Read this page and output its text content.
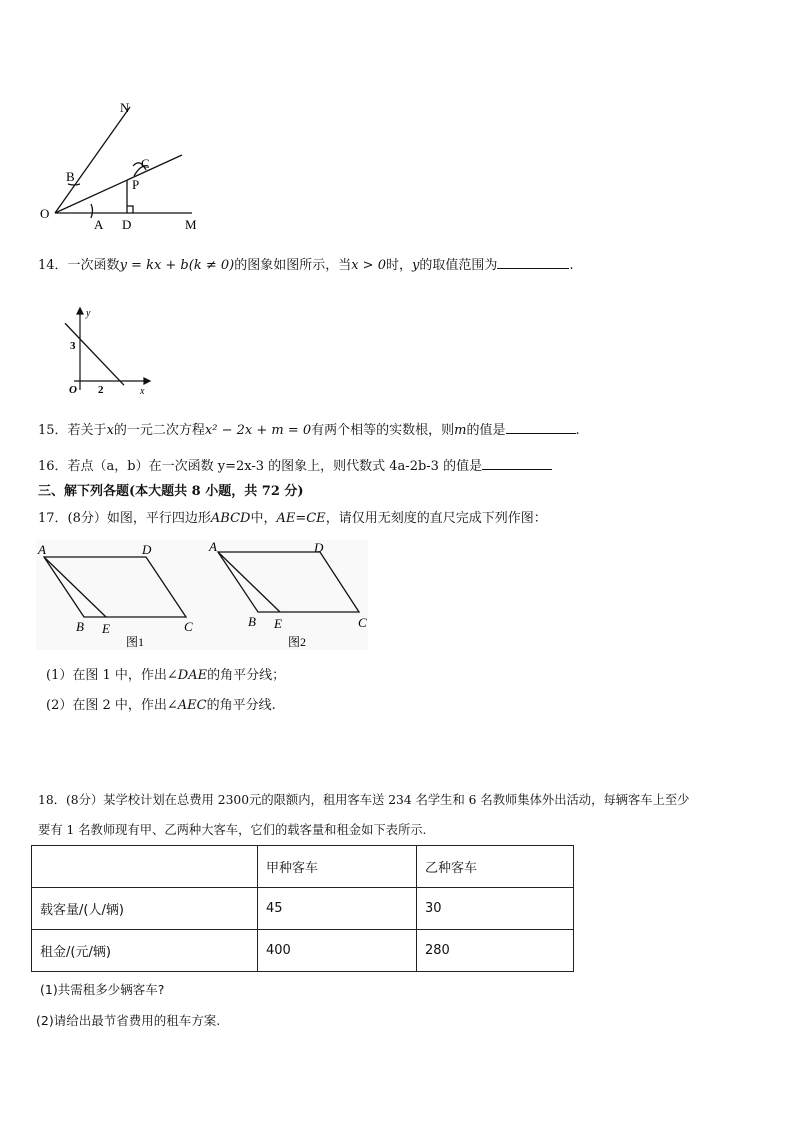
N
B
C
P
O
A D	M
14．一次函数y = kx + b(k ≠ 0)的图象如图所示，当x > 0时，y的取值范围为	.
y
x
O
3
2
15．若关于x的一元二次方程x² − 2x + m = 0有两个相等的实数根，则m的值是	.
16．若点（a，b）在一次函数 y=2x-3 的图象上，则代数式 4a-2b-3 的值是
三、解下列各题(本大题共 8 小题，共 72 分)
17．(8分）如图，平行四边形ABCD中，AE=CE，请仅用无刻度的直尺完成下列作图：
A	D
B E	C
图1
A	D
B E	C
图2
(1）在图 1 中，作出∠DAE的角平分线；
(2）在图 2 中，作出∠AEC的角平分线.
18．(8分）某学校计划在总费用 2300元的限额内，租用客车送 234 名学生和 6 名教师集体外出活动，每辆客车上至少
要有 1 名教师现有甲、乙两种大客车，它们的载客量和租金如下表所示.
	甲种客车	乙种客车
载客量/(人/辆)	45	30
租金/(元/辆)	400	280
(1)共需租多少辆客车?
(2)请给出最节省费用的租车方案.
